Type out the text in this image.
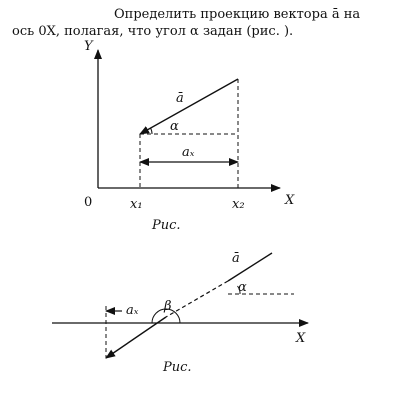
Определить проекцию вектора ā на
ось 0X, полагая, что угол α задан (рис. ).

Y
X
0
ā
α
aₓ
x₁	x₂
Рис.
X
ā
α
aₓ β
Рис.
